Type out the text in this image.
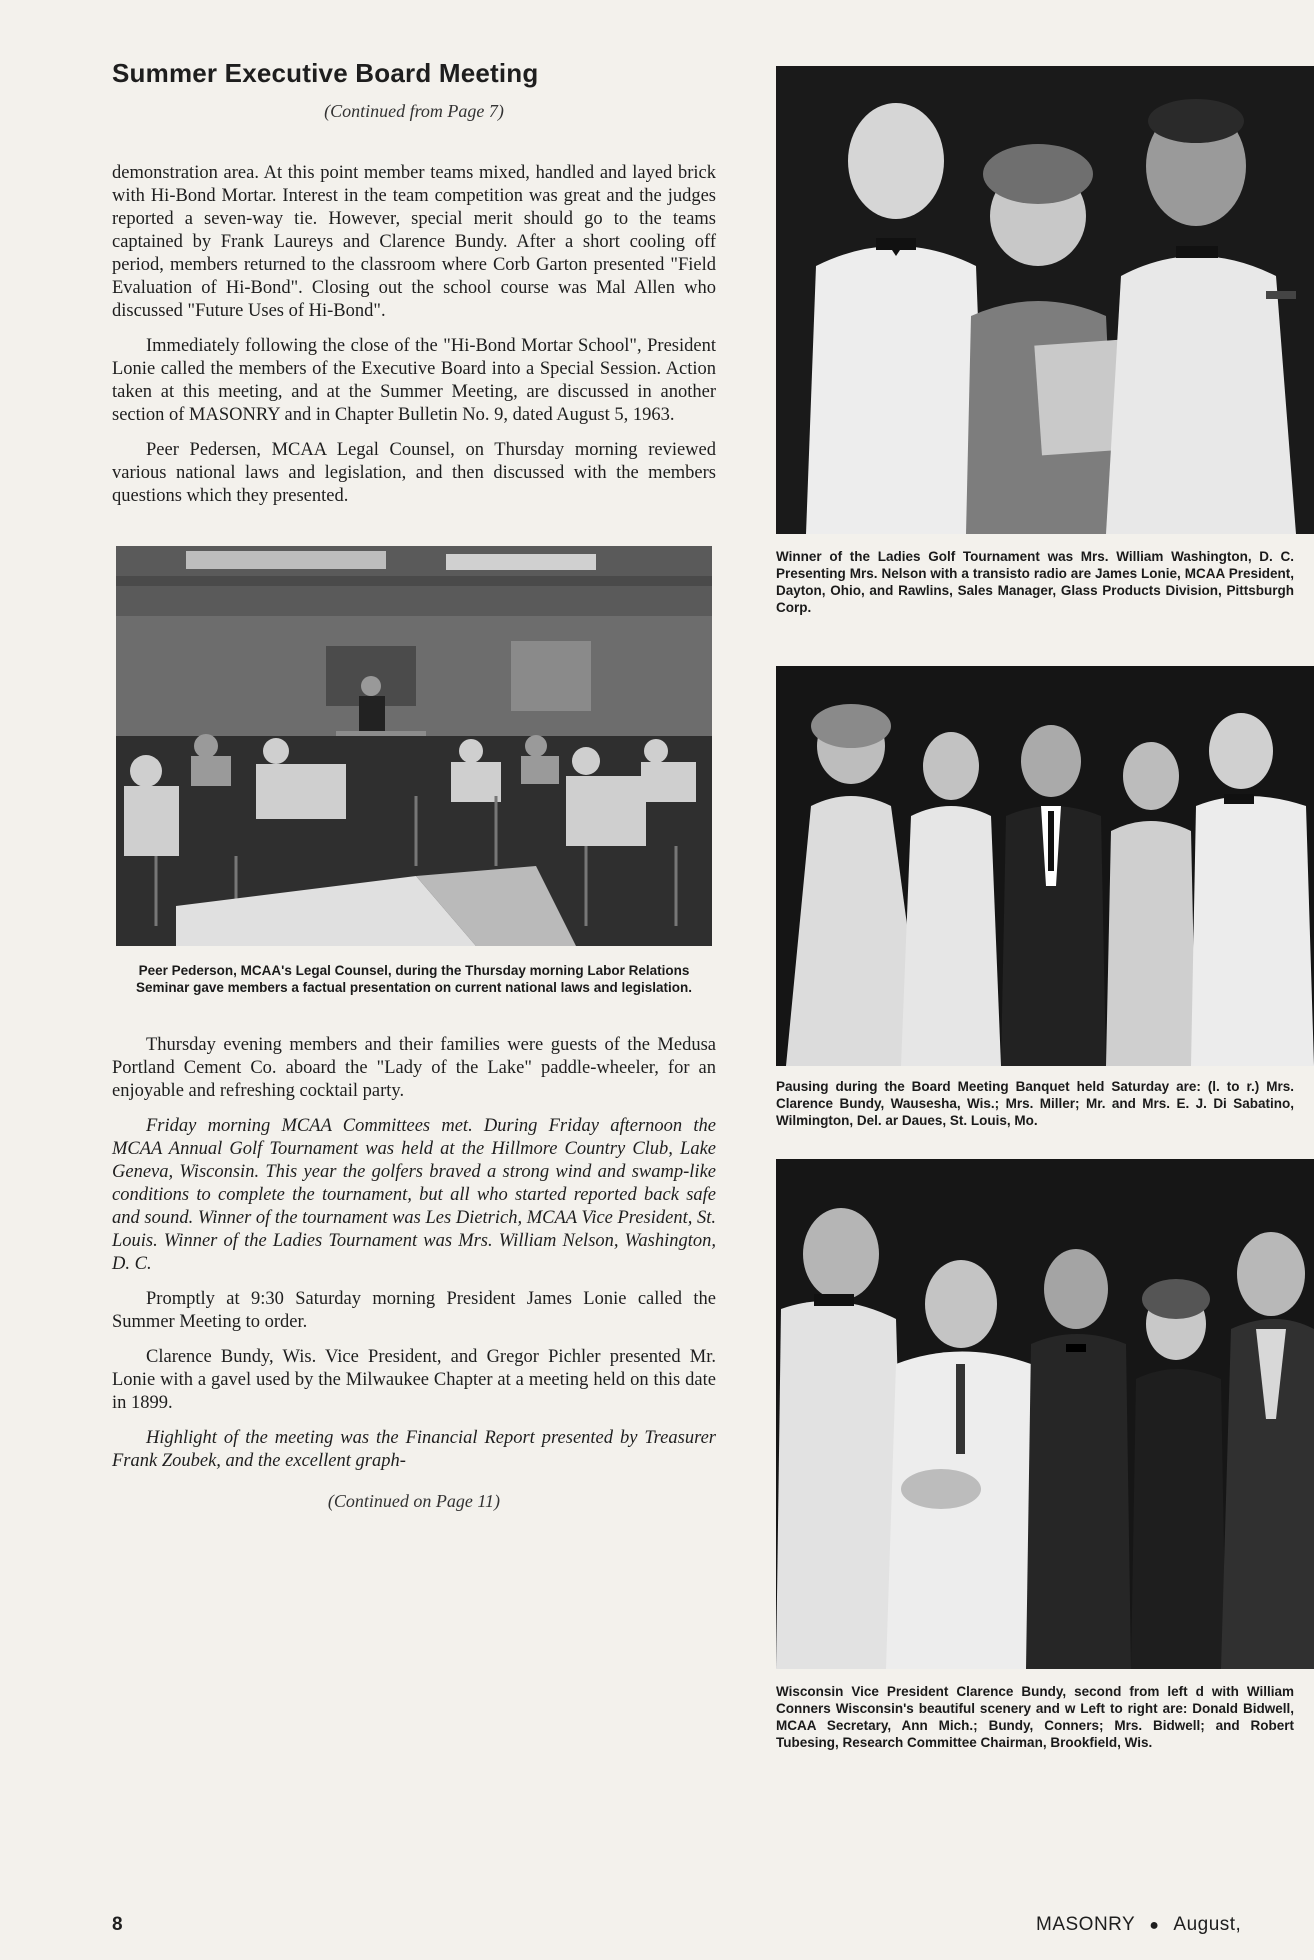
Summer Executive Board Meeting

(Continued from Page 7)

demonstration area. At this point member teams mixed, handled and layed brick with Hi-Bond Mortar. Interest in the team competition was great and the judges reported a seven-way tie. However, special merit should go to the teams captained by Frank Laureys and Clarence Bundy. After a short cooling off period, members returned to the classroom where Corb Garton presented "Field Evaluation of Hi-Bond". Closing out the school course was Mal Allen who discussed "Future Uses of Hi-Bond".

Immediately following the close of the "Hi-Bond Mortar School", President Lonie called the members of the Executive Board into a Special Session. Action taken at this meeting, and at the Summer Meeting, are discussed in another section of MASONRY and in Chapter Bulletin No. 9, dated August 5, 1963.

Peer Pedersen, MCAA Legal Counsel, on Thursday morning reviewed various national laws and legislation, and then discussed with the members questions which they presented.

Peer Pederson, MCAA's Legal Counsel, during the Thursday morning Labor Relations Seminar gave members a factual presentation on current national laws and legislation.

Thursday evening members and their families were guests of the Medusa Portland Cement Co. aboard the "Lady of the Lake" paddle-wheeler, for an enjoyable and refreshing cocktail party.

Friday morning MCAA Committees met. During Friday afternoon the MCAA Annual Golf Tournament was held at the Hillmore Country Club, Lake Geneva, Wisconsin. This year the golfers braved a strong wind and swamp-like conditions to complete the tournament, but all who started reported back safe and sound. Winner of the tournament was Les Dietrich, MCAA Vice President, St. Louis. Winner of the Ladies Tournament was Mrs. William Nelson, Washington, D. C.

Promptly at 9:30 Saturday morning President James Lonie called the Summer Meeting to order.

Clarence Bundy, Wis. Vice President, and Gregor Pichler presented Mr. Lonie with a gavel used by the Milwaukee Chapter at a meeting held on this date in 1899.

Highlight of the meeting was the Financial Report presented by Treasurer Frank Zoubek, and the excellent graph-

(Continued on Page 11)

Winner of the Ladies Golf Tournament was Mrs. William Washington, D. C. Presenting Mrs. Nelson with a transisto radio are James Lonie, MCAA President, Dayton, Ohio, and Rawlins, Sales Manager, Glass Products Division, Pittsburgh Corp.

Pausing during the Board Meeting Banquet held Saturday are: (l. to r.) Mrs. Clarence Bundy, Wausesha, Wis.; Mrs. Miller; Mr. and Mrs. E. J. Di Sabatino, Wilmington, Del. ar Daues, St. Louis, Mo.

Wisconsin Vice President Clarence Bundy, second from left d with William Conners Wisconsin's beautiful scenery and w Left to right are: Donald Bidwell, MCAA Secretary, Ann Mich.; Bundy, Conners; Mrs. Bidwell; and Robert Tubesing, Research Committee Chairman, Brookfield, Wis.

8	MASONRY ● August,
